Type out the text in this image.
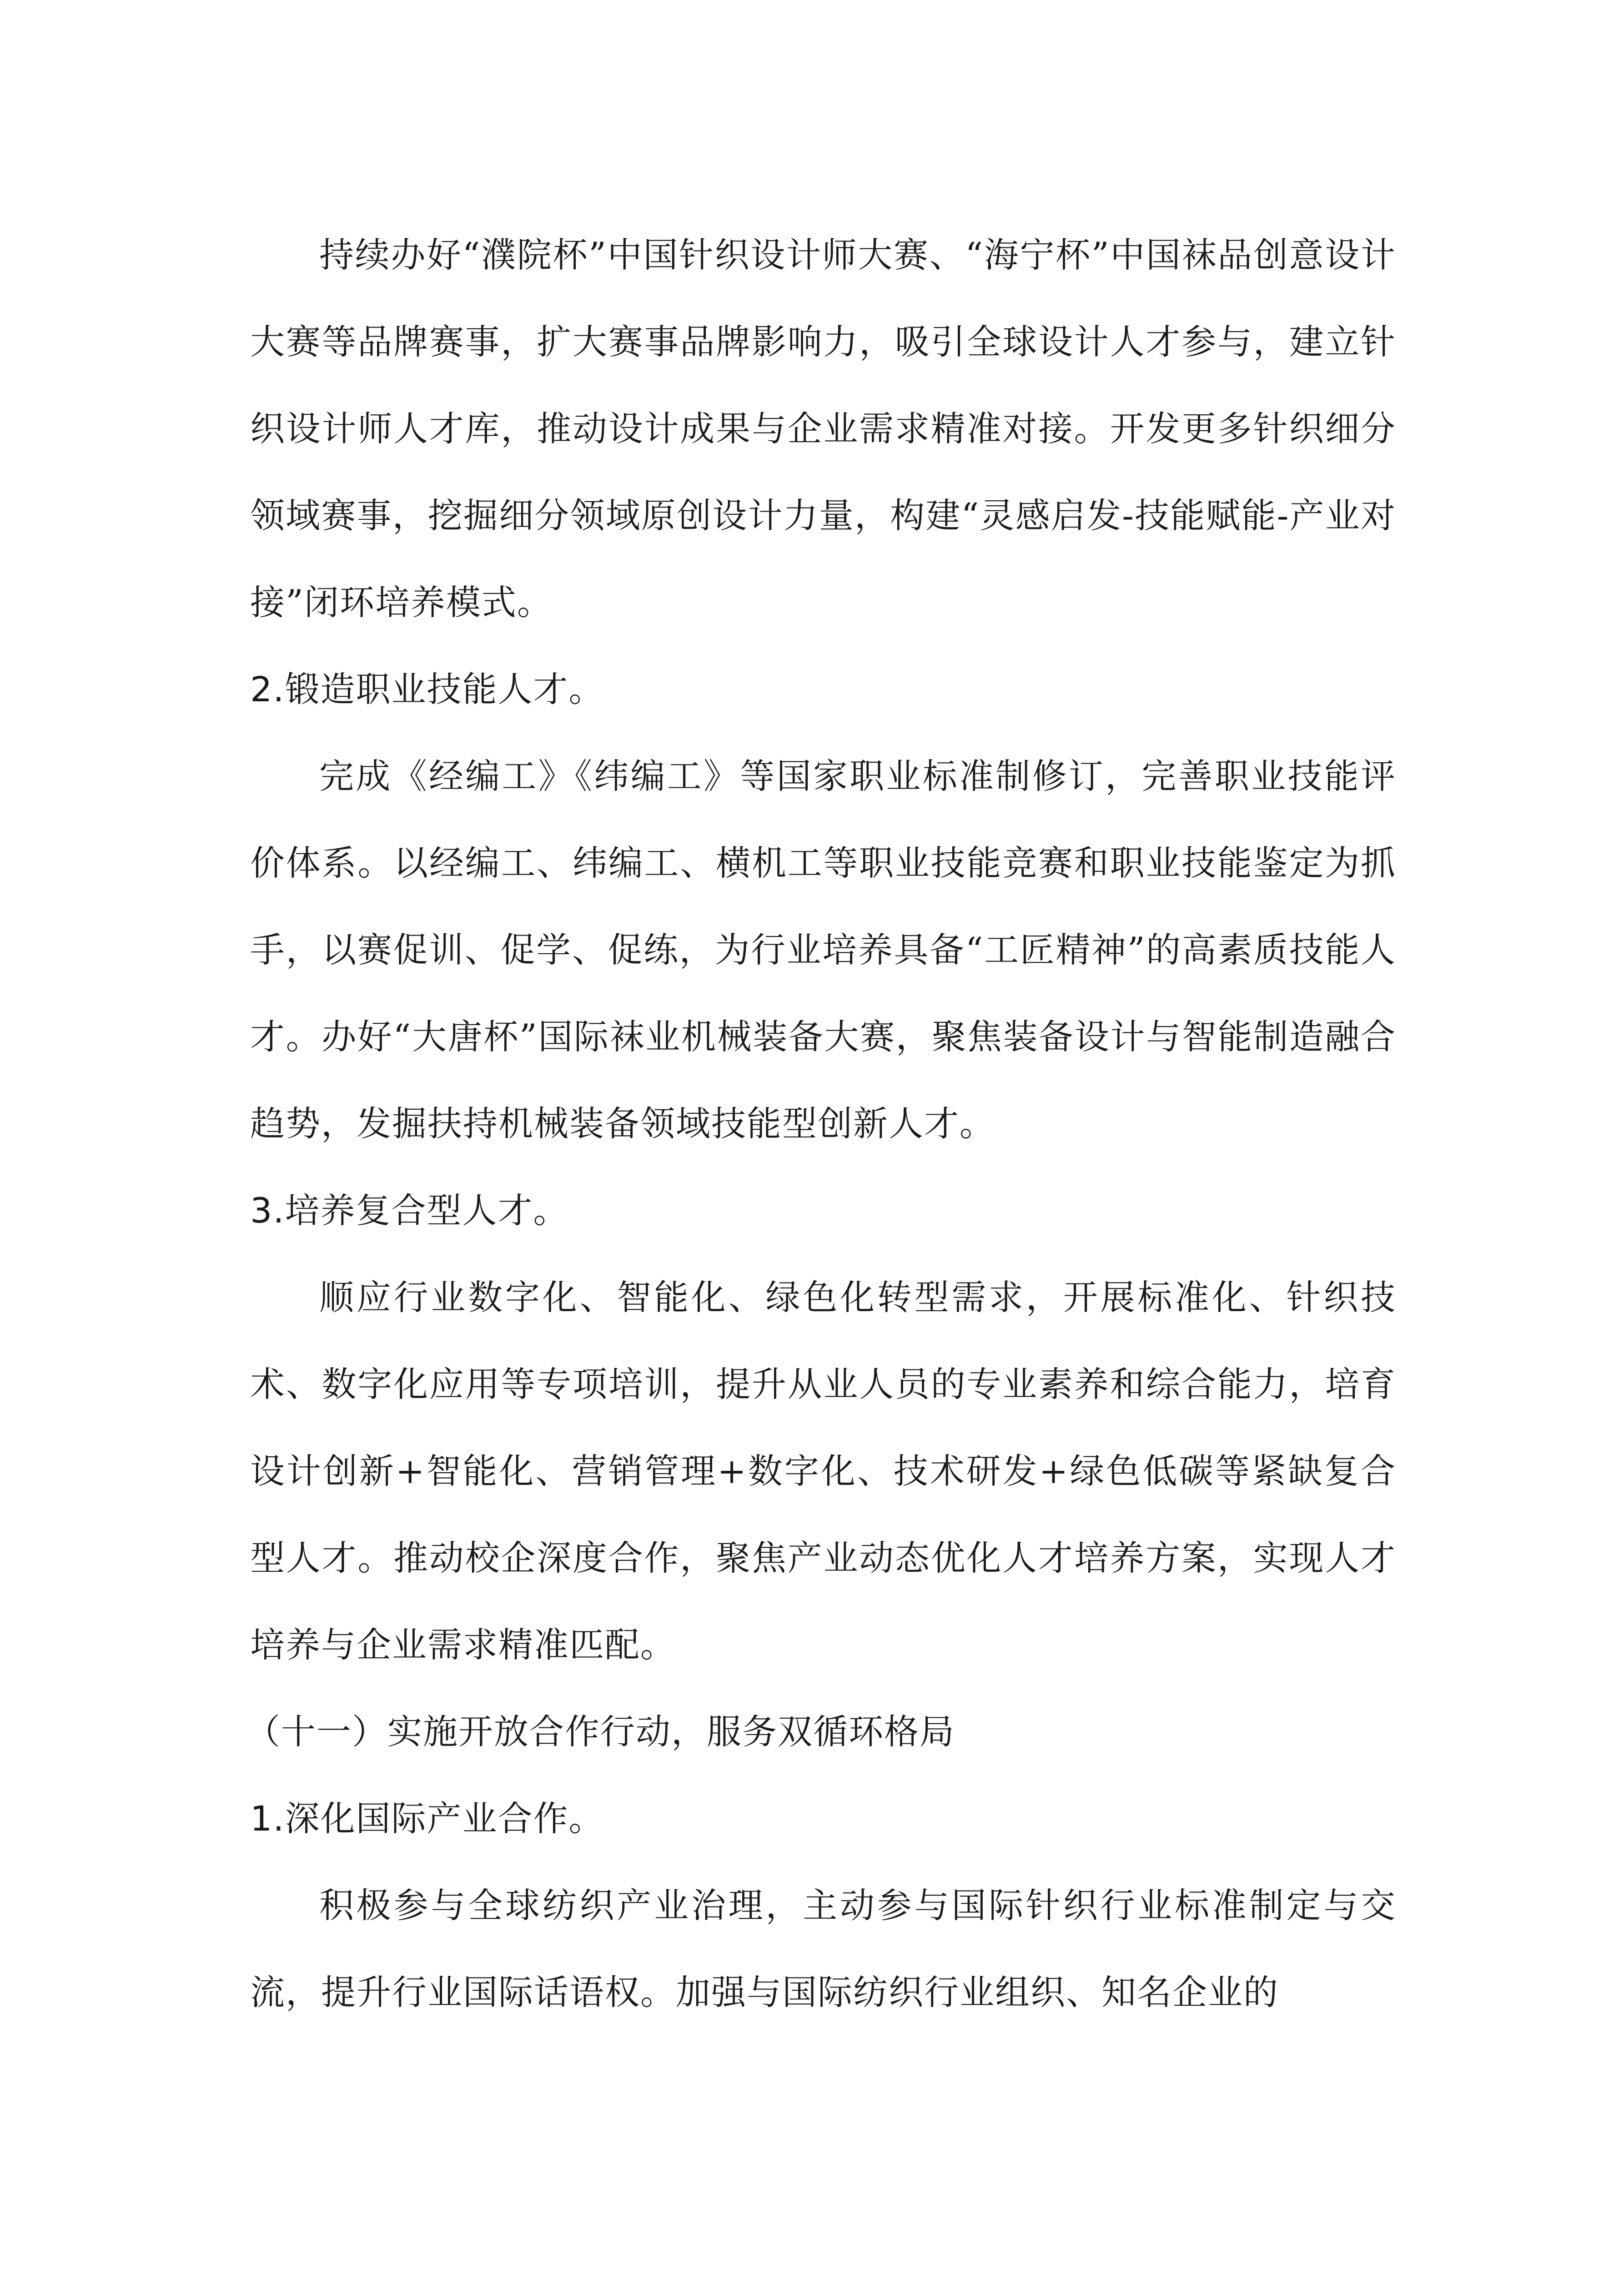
持续办好“濮院杯”中国针织设计师大赛、“海宁杯”中国袜品创意设计大赛等品牌赛事，扩大赛事品牌影响力，吸引全球设计人才参与，建立针织设计师人才库，推动设计成果与企业需求精准对接。开发更多针织细分领域赛事，挖掘细分领域原创设计力量，构建“灵感启发-技能赋能-产业对接”闭环培养模式。

2.锻造职业技能人才。

完成《经编工》《纬编工》等国家职业标准制修订，完善职业技能评价体系。以经编工、纬编工、横机工等职业技能竞赛和职业技能鉴定为抓手，以赛促训、促学、促练，为行业培养具备“工匠精神”的高素质技能人才。办好“大唐杯”国际袜业机械装备大赛，聚焦装备设计与智能制造融合趋势，发掘扶持机械装备领域技能型创新人才。

3.培养复合型人才。

顺应行业数字化、智能化、绿色化转型需求，开展标准化、针织技术、数字化应用等专项培训，提升从业人员的专业素养和综合能力，培育设计创新+智能化、营销管理+数字化、技术研发+绿色低碳等紧缺复合型人才。推动校企深度合作，聚焦产业动态优化人才培养方案，实现人才培养与企业需求精准匹配。

（十一）实施开放合作行动，服务双循环格局
1.深化国际产业合作。

积极参与全球纺织产业治理，主动参与国际针织行业标准制定与交流，提升行业国际话语权。加强与国际纺织行业组织、知名企业的
